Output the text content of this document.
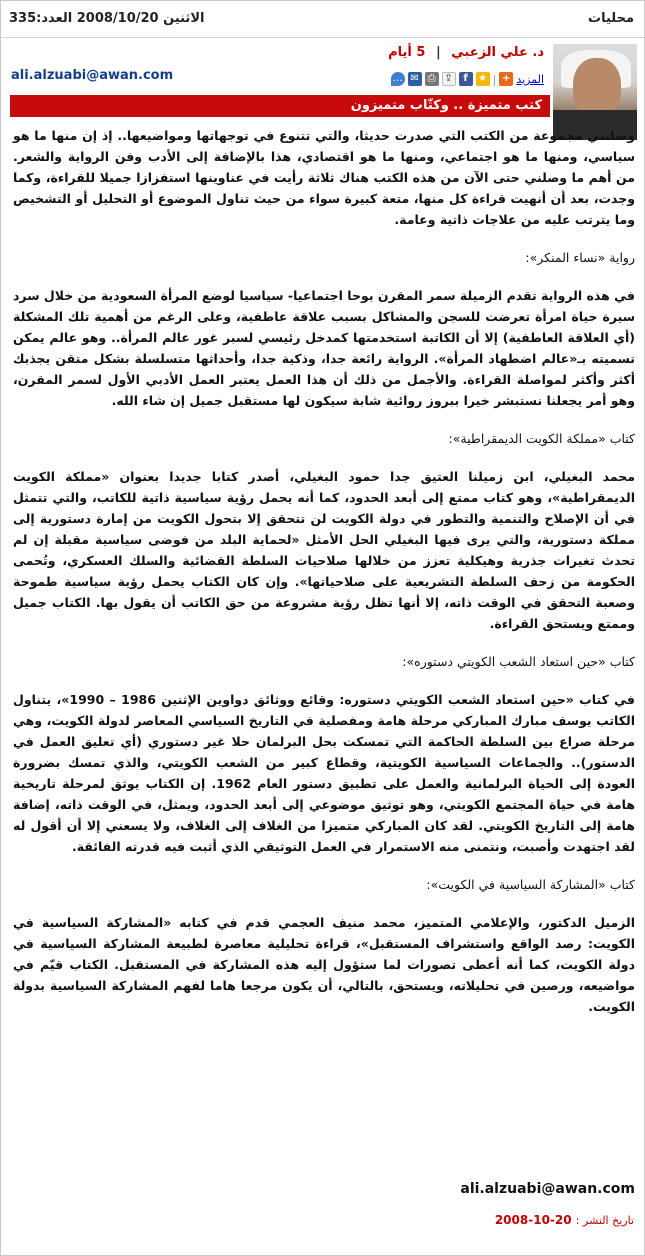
محليات
الاثنين 2008/10/20 العدد:335
د. علي الزعبي | 5 أيام
المزيد
+
|
★
f
⇪
⎙
✉
…
ali.alzuabi@awan.com
كتب متميزة .. وكتّاب متميزون

وصلتني مجموعة من الكتب التي صدرت حديثا، والتي تتنوع في توجهاتها ومواضيعها.. إذ إن منها ما هو سياسي، ومنها ما هو اجتماعي، ومنها ما هو اقتصادي، هذا بالإضافة إلى الأدب وفن الرواية والشعر. من أهم ما وصلني حتى الآن من هذه الكتب هناك ثلاثة رأيت في عناوينها استفزازا جميلا للقراءة، وكما وجدت، بعد أن أنهيت قراءة كل منها، متعة كبيرة سواء من حيث تناول الموضوع أو التحليل أو التشخيص وما يترتب عليه من علاجات ذاتية وعامة.

رواية «نساء المنكر»:

في هذه الرواية تقدم الزميلة سمر المقرن بوحا اجتماعيا- سياسيا لوضع المرأة السعودية من خلال سرد سيرة حياة امرأة تعرضت للسجن والمشاكل بسبب علاقة عاطفية، وعلى الرغم من أهمية تلك المشكلة (أي العلاقة العاطفية) إلا أن الكاتبة استخدمتها كمدخل رئيسي لسبر غور عالم المرأة.. وهو عالم يمكن تسميته بـ«عالم اضطهاد المرأة». الرواية رائعة جدا، وذكية جدا، وأحداثها متسلسلة بشكل متقن يجذبك أكثر وأكثر لمواصلة القراءة. والأجمل من ذلك أن هذا العمل يعتبر العمل الأدبي الأول لسمر المقرن، وهو أمر يجعلنا نستبشر خيرا ببروز روائية شابة سيكون لها مستقبل جميل إن شاء الله.

كتاب «مملكة الكويت الديمقراطية»:

محمد البغيلي، ابن زميلنا العتيق جدا حمود البغيلي، أصدر كتابا جديدا بعنوان «مملكة الكويت الديمقراطية»، وهو كتاب ممتع إلى أبعد الحدود، كما أنه يحمل رؤية سياسية ذاتية للكاتب، والتي تتمثل في أن الإصلاح والتنمية والتطور في دولة الكويت لن تتحقق إلا بتحول الكويت من إمارة دستورية إلى مملكة دستورية، والتي يرى فيها البغيلي الحل الأمثل «لحماية البلد من فوضى سياسية مقبلة إن لم تحدث تغيرات جذرية وهيكلية تعزز من خلالها صلاحيات السلطة القضائية والسلك العسكري، وتُحمى الحكومة من زحف السلطة التشريعية على صلاحياتها». وإن كان الكتاب يحمل رؤية سياسية طموحة وصعبة التحقق في الوقت ذاته، إلا أنها تظل رؤية مشروعة من حق الكاتب أن يقول بها. الكتاب جميل وممتع ويستحق القراءة.

كتاب «حين استعاد الشعب الكويتي دستوره»:

في كتاب «حين استعاد الشعب الكويتي دستوره: وقائع ووثائق دواوين الإثنين 1986 – 1990»، يتناول الكاتب يوسف مبارك المباركي مرحلة هامة ومفصلية في التاريخ السياسي المعاصر لدولة الكويت، وهي مرحلة صراع بين السلطة الحاكمة التي تمسكت بحل البرلمان حلا غير دستوري (أي تعليق العمل في الدستور).. والجماعات السياسية الكويتية، وقطاع كبير من الشعب الكويتي، والذي تمسك بضرورة العودة إلى الحياة البرلمانية والعمل على تطبيق دستور العام 1962. إن الكتاب يوثق لمرحلة تاريخية هامة في حياة المجتمع الكويتي، وهو توثيق موضوعي إلى أبعد الحدود، ويمثل، في الوقت ذاته، إضافة هامة إلى التاريخ الكويتي. لقد كان المباركي متميزا من الغلاف إلى الغلاف، ولا يسعني إلا أن أقول له لقد اجتهدت وأصبت، ونتمنى منه الاستمرار في العمل التوثيقي الذي أثبت فيه قدرته الفائقة.

كتاب «المشاركة السياسية في الكويت»:

الزميل الدكتور، والإعلامي المتميز، محمد منيف العجمي قدم في كتابه «المشاركة السياسية في الكويت: رصد الواقع واستشراف المستقبل»، قراءة تحليلية معاصرة لطبيعة المشاركة السياسية في دولة الكويت، كما أنه أعطى تصورات لما ستؤول إليه هذه المشاركة في المستقبل. الكتاب قيّم في مواضيعه، ورصين في تحليلاته، ويستحق، بالتالي، أن يكون مرجعا هاما لفهم المشاركة السياسية بدولة الكويت.

ali.alzuabi@awan.com
تاريخ النشر : 20-10-2008
